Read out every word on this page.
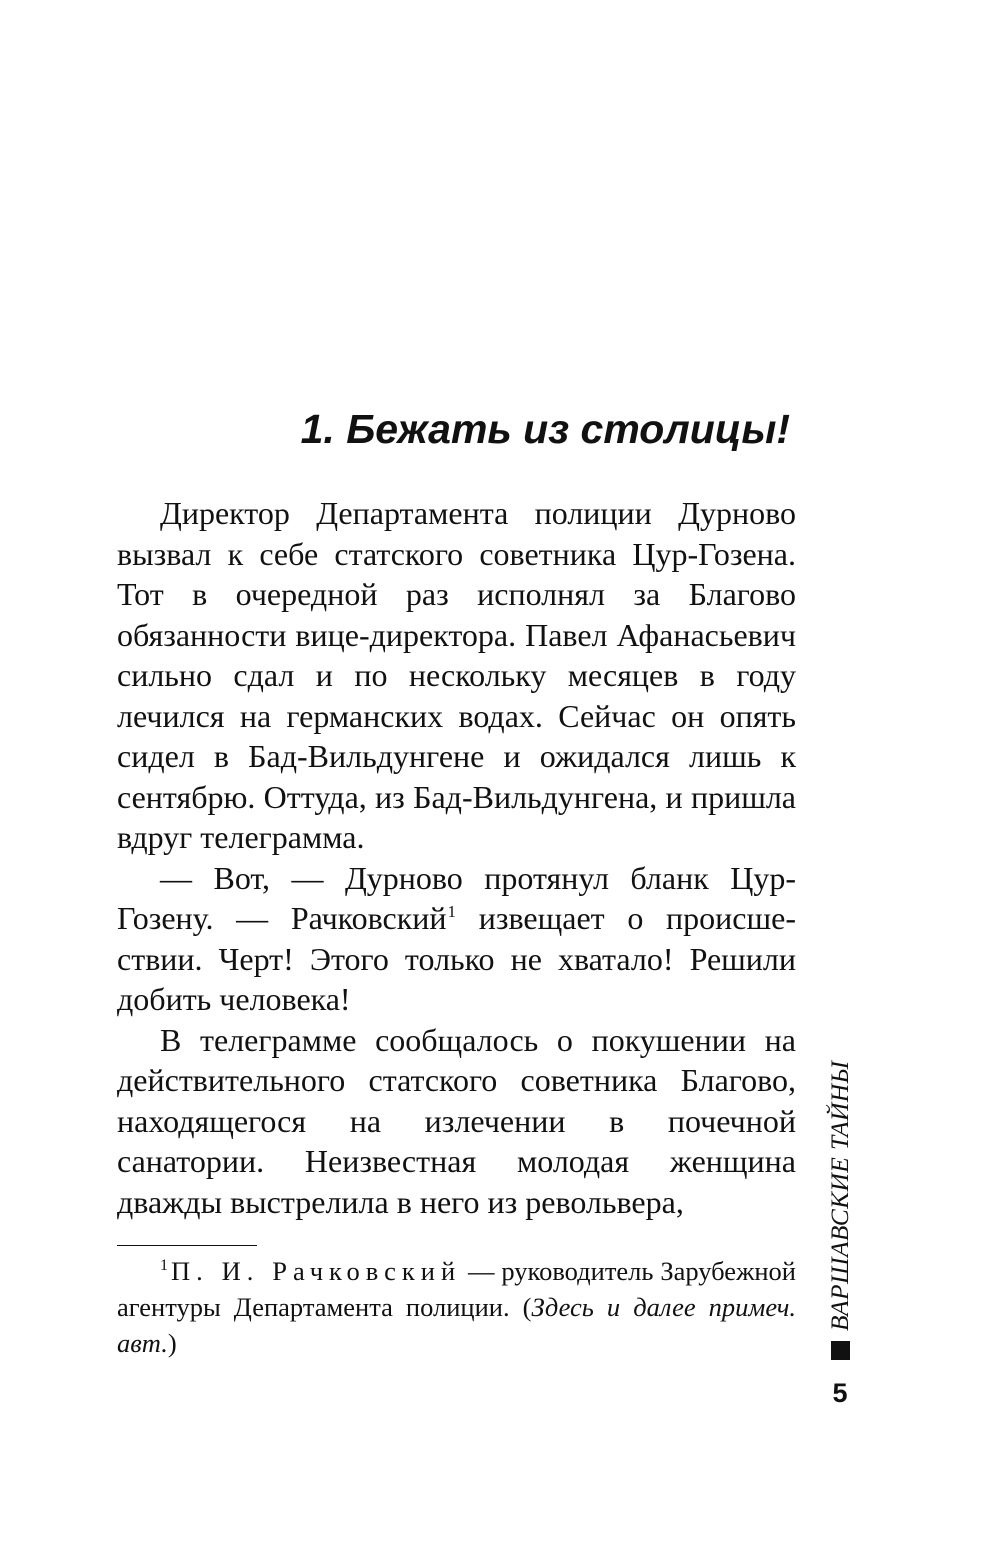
1. Бежать из столицы!

Директор Департамента полиции Дурново вызвал к себе статского советника Цур-Гозена. Тот в очередной раз исполнял за Благово обязанности вице-директора. Павел Афанасьевич сильно сдал и по нескольку месяцев в году лечился на германских водах. Сейчас он опять сидел в Бад-Вильдунгене и ожидался лишь к сентябрю. Оттуда, из Бад-Вильдунгена, и пришла вдруг телеграмма.

— Вот, — Дурново протянул бланк Цур-Гозену. — Рачковский$^1$ извещает о происшествии. Черт! Этого только не хватало! Решили добить человека!

В телеграмме сообщалось о покушении на действительного статского советника Благово, находящегося на излечении в почечной санатории. Неизвестная молодая женщина дважды выстрелила в него из револьвера,

$^1$ П. И. Рачковский — руководитель Зарубежной агентуры Департамента полиции. (Здесь и далее примеч. авт.)

ВАРШАВСКИЕ ТАЙНЫ
5
